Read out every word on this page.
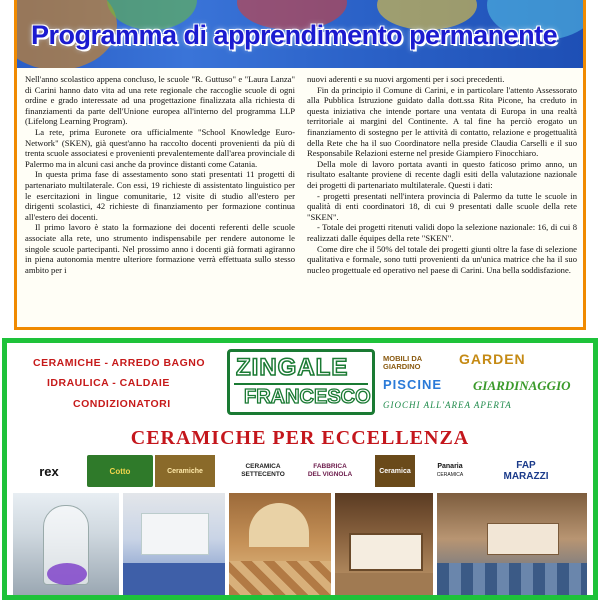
Programma di apprendimento permanente

Nell'anno scolastico appena concluso, le scuole "R. Guttuso" e "Laura Lanza" di Carini hanno dato vita ad una rete regionale che raccoglie scuole di ogni ordine e grado interessate ad una progettazione finalizzata alla richiesta di finanziamenti da parte dell'Unione europea all'interno del programma LLP (Lifelong Learning Program).

La rete, prima Euronete ora ufficialmente "School Knowledge Euro-Network" (SKEN), già quest'anno ha raccolto docenti provenienti da più di trenta scuole associatesi e provenienti prevalentemente dall'area provinciale di Palermo ma in alcuni casi anche da province distanti come Catania.

In questa prima fase di assestamento sono stati presentati 11 progetti di partenariato multilaterale. Con essi, 19 richieste di assistentato linguistico per le esercitazioni in lingue comunitarie, 12 visite di studio all'estero per dirigenti scolastici, 42 richieste di finanziamento per formazione continua all'estero dei docenti.

Il primo lavoro è stato la formazione dei docenti referenti delle scuole associate alla rete, uno strumento indispensabile per rendere autonome le singole scuole partecipanti. Nel prossimo anno i docenti già formati agiranno in piena autonomia mentre ulteriore formazione verrà effettuata sullo stesso ambito per i

nuovi aderenti e su nuovi argomenti per i soci precedenti.

Fin da principio il Comune di Carini, e in particolare l'attento Assessorato alla Pubblica Istruzione guidato dalla dott.ssa Rita Picone, ha creduto in questa iniziativa che intende portare una ventata di Europa in una realtà territoriale ai margini del Continente. A tal fine ha perciò erogato un finanziamento di sostegno per le attività di contatto, relazione e progettualità della Rete che ha il suo Coordinatore nella preside Claudia Carselli e il suo Responsabile Relazioni esterne nel preside Giampiero Finocchiaro.

Della mole di lavoro portata avanti in questo faticoso primo anno, un risultato esaltante proviene di recente dagli esiti della valutazione nazionale dei progetti di partenariato multilaterale. Questi i dati:

- progetti presentati nell'intera provincia di Palermo da tutte le scuole in qualità di enti coordinatori 18, di cui 9 presentati dalle scuole della rete "SKEN".

- Totale dei progetti ritenuti validi dopo la selezione nazionale: 16, di cui 8 realizzati dalle équipes della rete "SKEN".

Come dire che il 50% del totale dei progetti giunti oltre la fase di selezione qualitativa e formale, sono tutti provenienti da un'unica matrice che ha il suo nucleo progettuale ed operativo nel paese di Carini. Una bella soddisfazione.

CERAMICHE - ARREDO BAGNO
IDRAULICA - CALDAIE
CONDIZIONATORI
ZINGALE
FRANCESCO
MOBILI DA
GIARDINO	GARDEN
PISCINE GIARDINAGGIO
GIOCHI ALL'AREA APERTA
CERAMICHE PER ECCELLENZA
rex	Cotto	Ceramiche
CERAMICA
SETTECENTO
FABBRICA
DEL VIGNOLA	Ceramica
Panaria
CERAMICA
FAP
MARAZZI
